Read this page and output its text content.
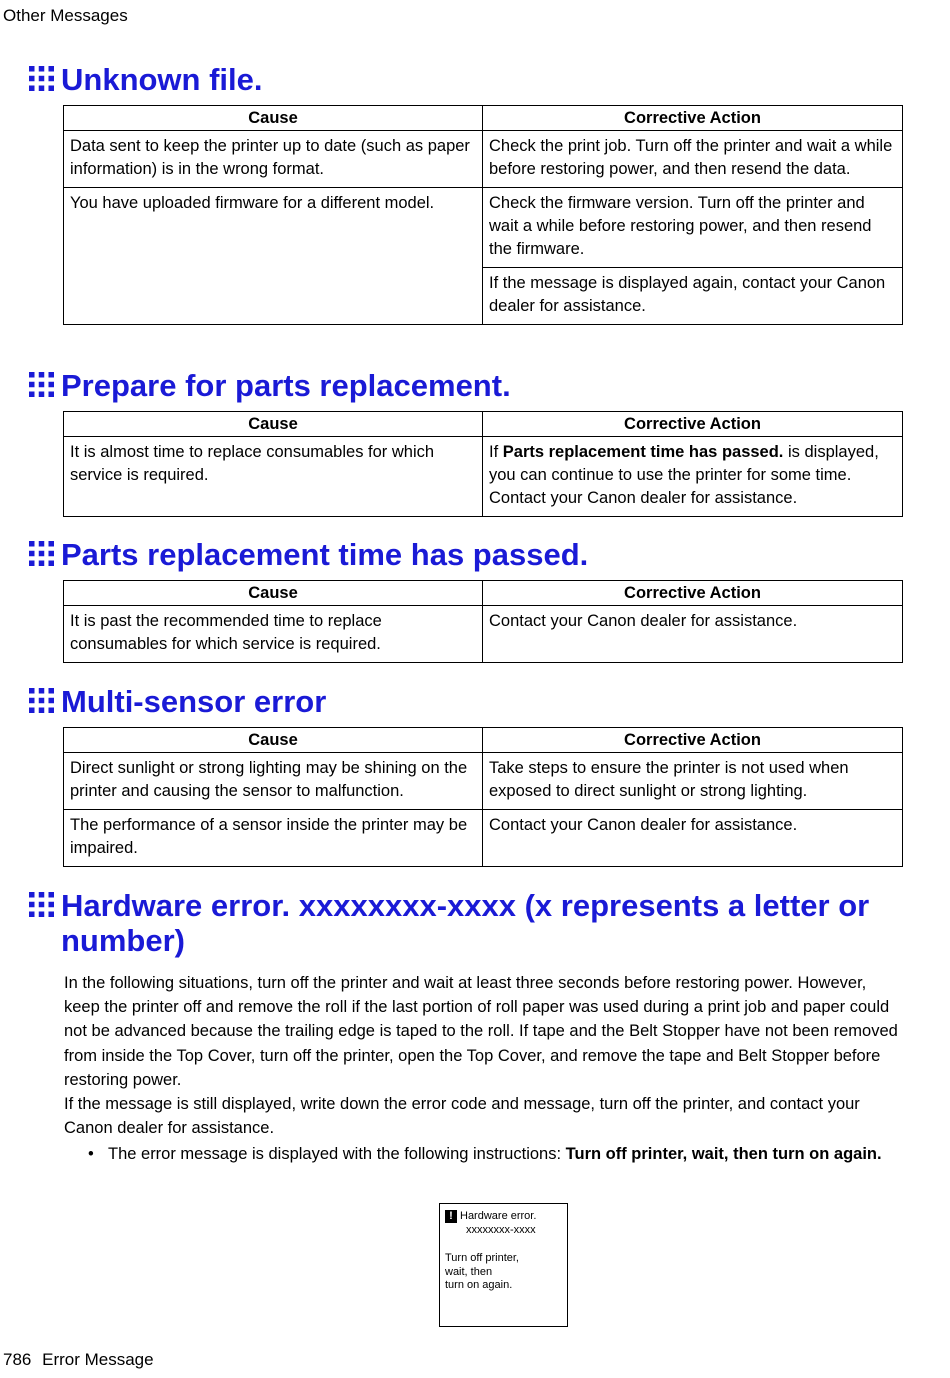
Other Messages
Unknown file.
Cause	Corrective Action
Data sent to keep the printer up to date (such as paper information) is in the wrong format.	Check the print job. Turn off the printer and wait a while before restoring power, and then resend the data.
You have uploaded firmware for a different model.	Check the firmware version. Turn off the printer and wait a while before restoring power, and then resend the firmware.
	If the message is displayed again, contact your Canon dealer for assistance.
Prepare for parts replacement.
Cause	Corrective Action
It is almost time to replace consumables for which service is required.	If Parts replacement time has passed. is displayed, you can continue to use the printer for some time. Contact your Canon dealer for assistance.
Parts replacement time has passed.
Cause	Corrective Action
It is past the recommended time to replace consumables for which service is required.	Contact your Canon dealer for assistance.
Multi-sensor error
Cause	Corrective Action
Direct sunlight or strong lighting may be shining on the printer and causing the sensor to malfunction.	Take steps to ensure the printer is not used when exposed to direct sunlight or strong lighting.
The performance of a sensor inside the printer may be impaired.	Contact your Canon dealer for assistance.
Hardware error. xxxxxxxx-xxxx (x represents a letter or number)

In the following situations, turn off the printer and wait at least three seconds before restoring power. However, keep the printer off and remove the roll if the last portion of roll paper was used during a print job and paper could not be advanced because the trailing edge is taped to the roll. If tape and the Belt Stopper have not been removed from inside the Top Cover, turn off the printer, open the Top Cover, and remove the tape and Belt Stopper before restoring power.

If the message is still displayed, write down the error code and message, turn off the printer, and contact your Canon dealer for assistance.

• The error message is displayed with the following instructions: Turn off printer, wait, then turn on again.
! Hardware error.
xxxxxxxx-xxxx
Turn off printer,
wait, then
turn on again.
786 Error Message
